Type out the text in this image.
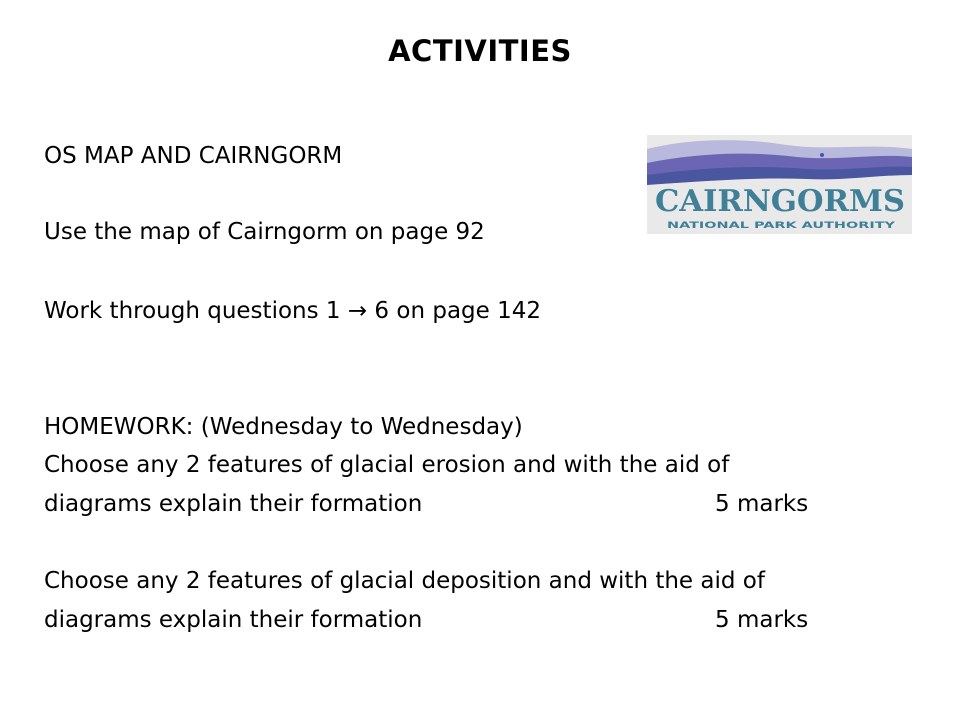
ACTIVITIES
OS MAP AND CAIRNGORM
Use the map of Cairngorm on page 92
Work through questions 1 → 6 on page 142
HOMEWORK: (Wednesday to Wednesday)
Choose any 2 features of glacial erosion and with the aid of
diagrams explain their formation	5 marks
Choose any 2 features of glacial deposition and with the aid of
diagrams explain their formation	5 marks
CAIRNGORMS
NATIONAL PARK AUTHORITY
